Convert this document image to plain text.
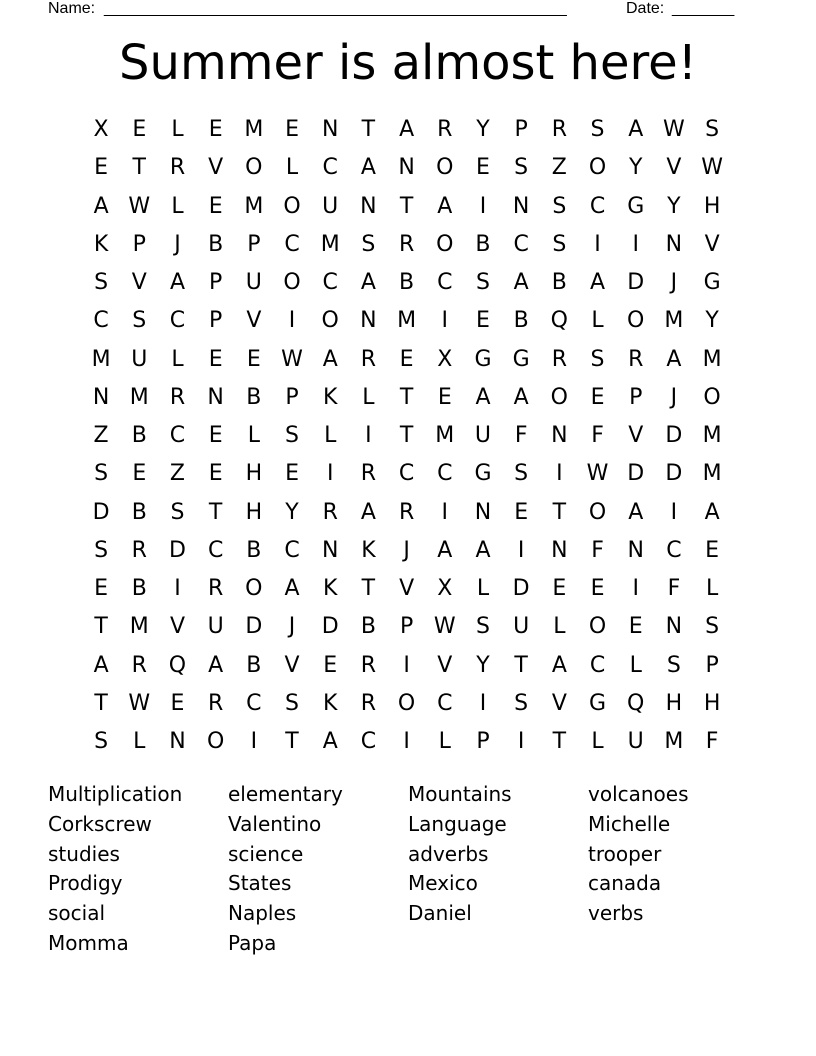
Name: ____________________________________________________	Date: _______
Summer is almost here!
X	E	L	E M E	N	T	A	R	Y	P	R	S	A W S
E	T	R	V O	L	C	A	N O	E	S	Z O	Y	V W
A W L	E M O U N	T	A	I	N	S	C G	Y	H
K	P	J	B	P	C M S	R O B	C	S	I	I	N	V
S	V	A	P	U O C	A	B	C	S	A	B	A	D	J	G
C	S	C	P	V	I	O N M	I	E	B Q	L	O M Y
M U	L	E	E W A	R	E	X	G G	R	S	R	A M
N M R	N	B	P	K	L	T	E	A	A O	E	P	J	O
Z	B	C	E	L	S	L	I	T M U	F	N	F	V	D M
S	E	Z	E	H	E	I	R	C	C G	S	I	W D D M
D	B	S	T	H	Y	R	A	R	I	N	E	T	O	A	I	A
S	R	D	C	B	C	N	K	J	A	A	I	N	F	N	C	E
E	B	I	R O	A	K	T	V	X	L	D	E	E	I	F	L
T M V	U D	J	D	B	P W S	U	L	O	E	N	S
A	R Q	A	B	V	E	R	I	V	Y	T	A	C	L	S	P
T W E	R	C	S	K	R O C	I	S	V	G Q H H
S	L	N O	I	T	A	C	I	L	P	I	T	L	U M	F
Multiplication	elementary	Mountains	volcanoes
Corkscrew	Valentino	Language	Michelle
studies	science	adverbs	trooper
Prodigy	States	Mexico	canada
social	Naples	Daniel	verbs
Momma	Papa
